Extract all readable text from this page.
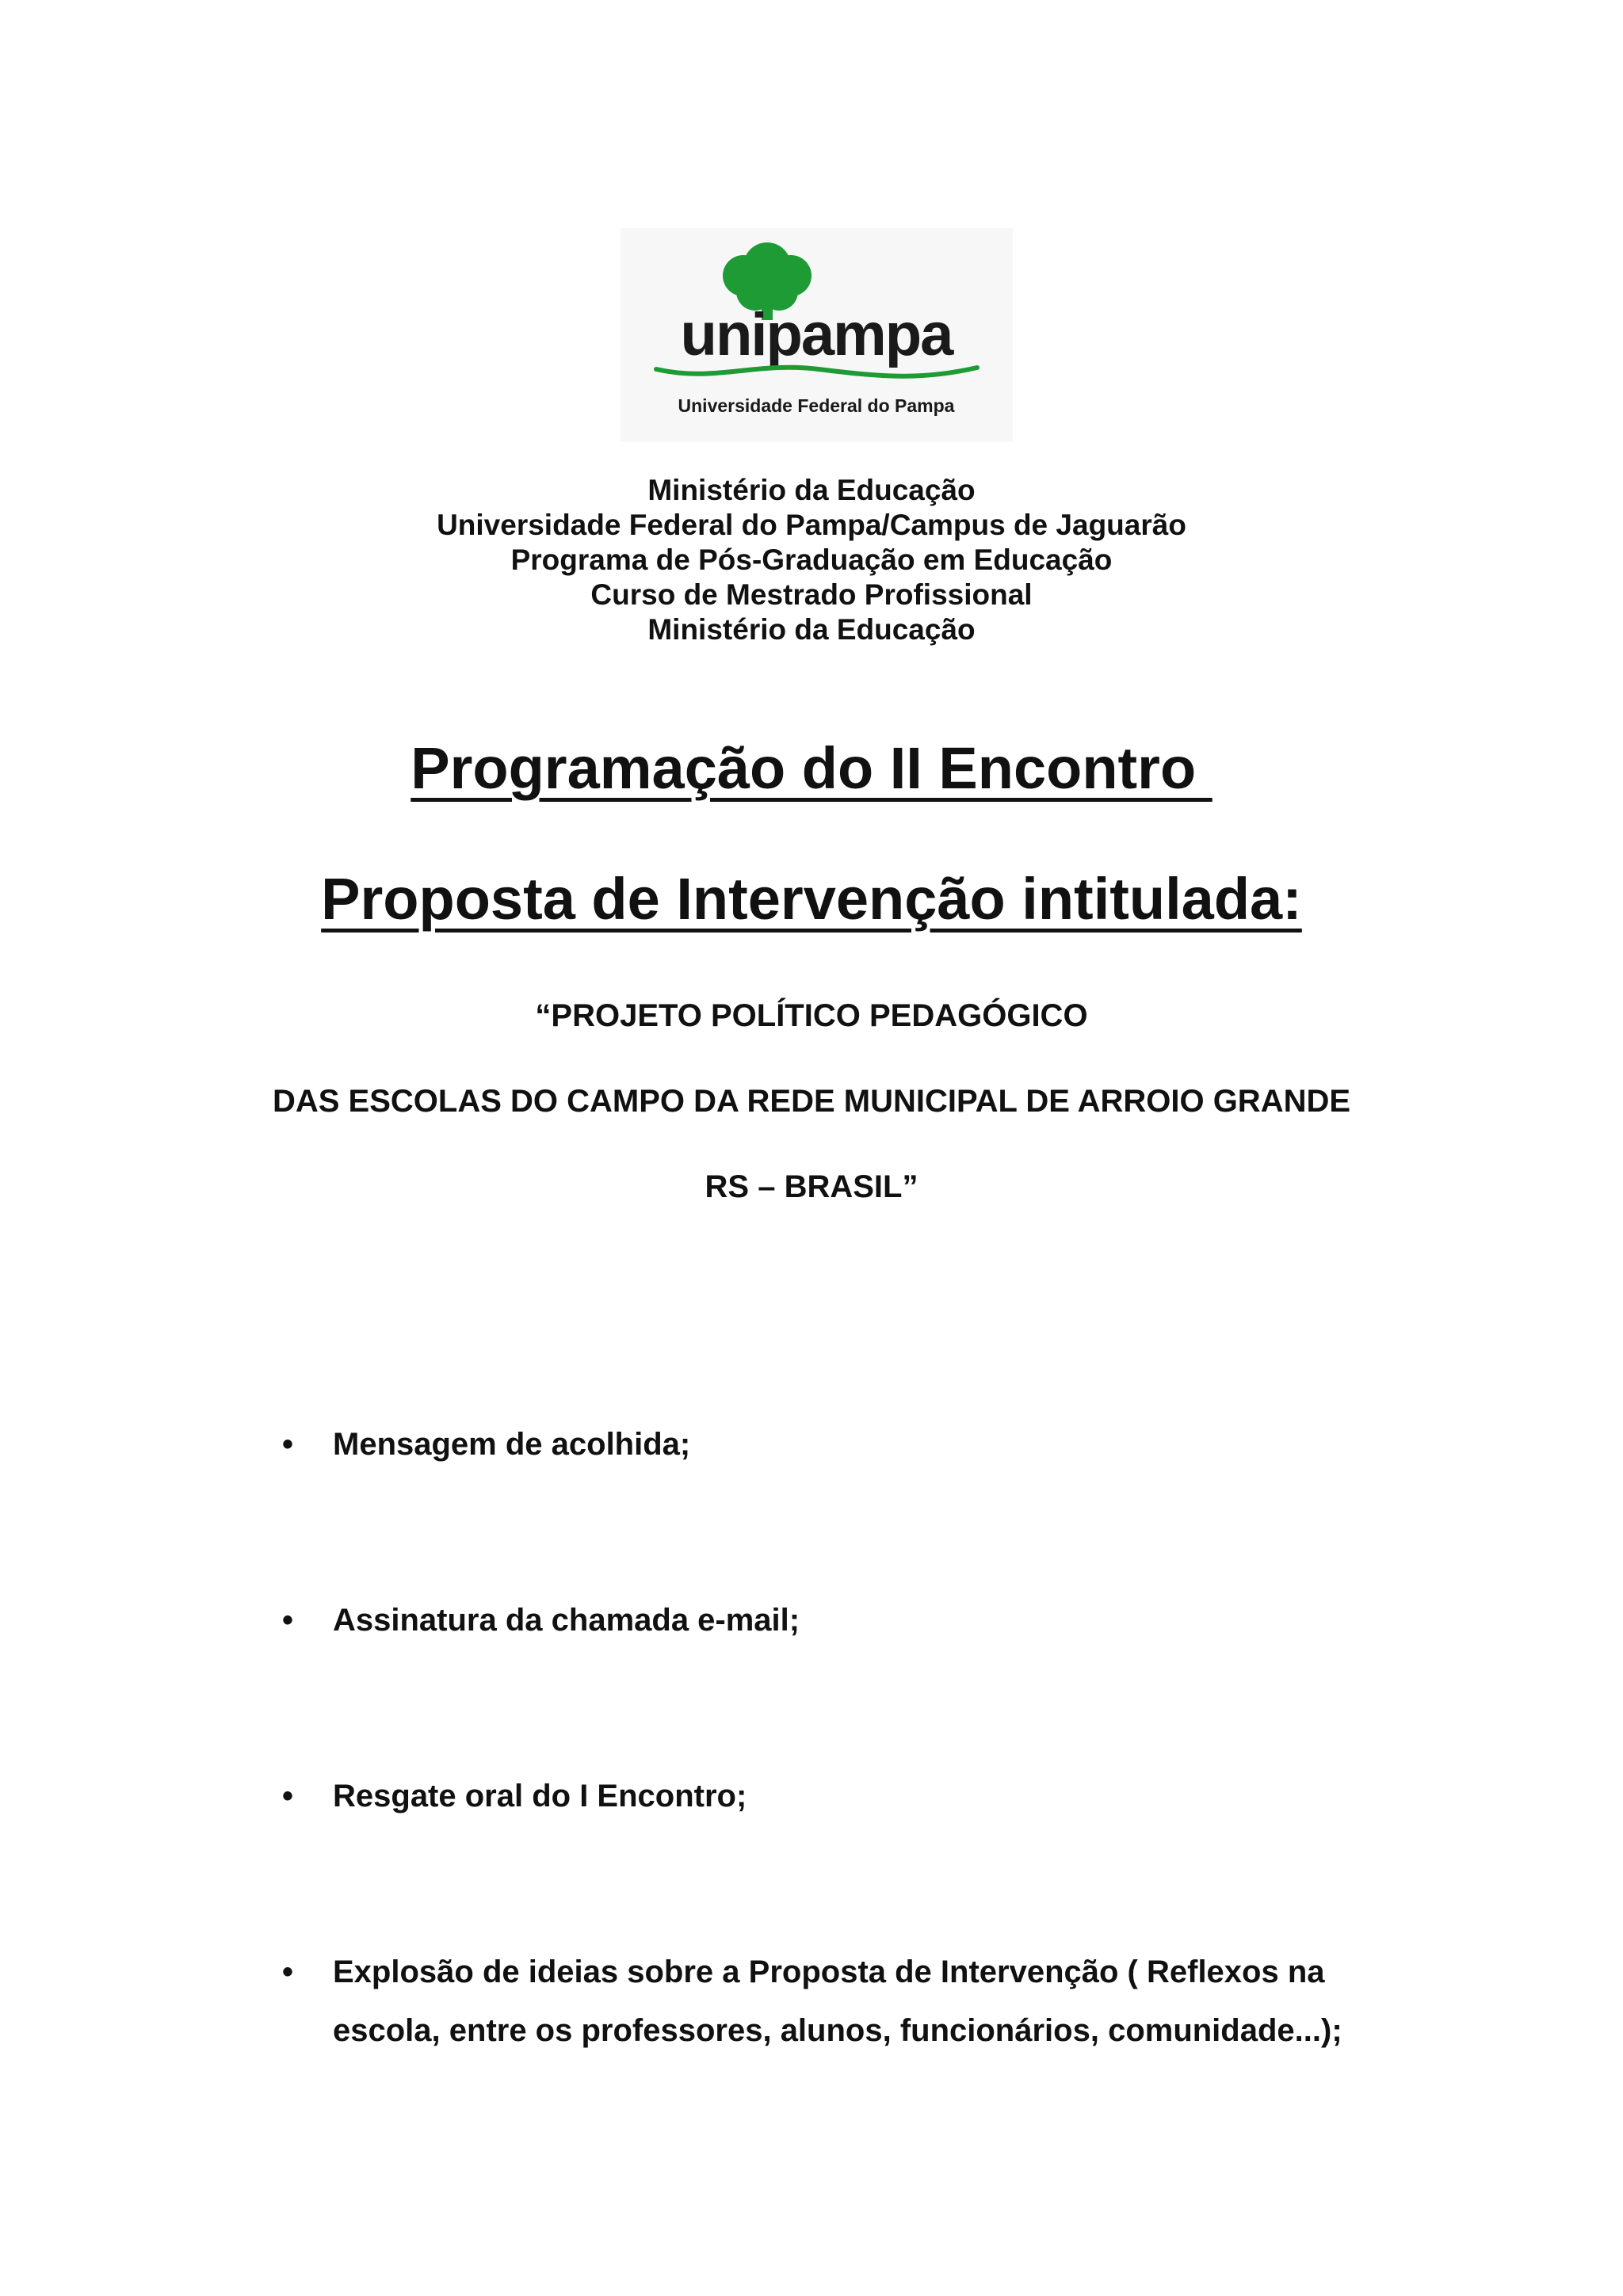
unipampa
Universidade Federal do Pampa
Ministério da Educação
Universidade Federal do Pampa/Campus de Jaguarão
Programa de Pós-Graduação em Educação
Curso de Mestrado Profissional
Ministério da Educação
Programação do II Encontro
Proposta de Intervenção intitulada:
“PROJETO POLÍTICO PEDAGÓGICO
DAS ESCOLAS DO CAMPO DA REDE MUNICIPAL DE ARROIO GRANDE
RS – BRASIL”
•	Mensagem de acolhida;
•	Assinatura da chamada e-mail;
•	Resgate oral do I Encontro;
•	Explosão de ideias sobre a Proposta de Intervenção ( Reflexos na escola, entre os professores, alunos, funcionários, comunidade...);
